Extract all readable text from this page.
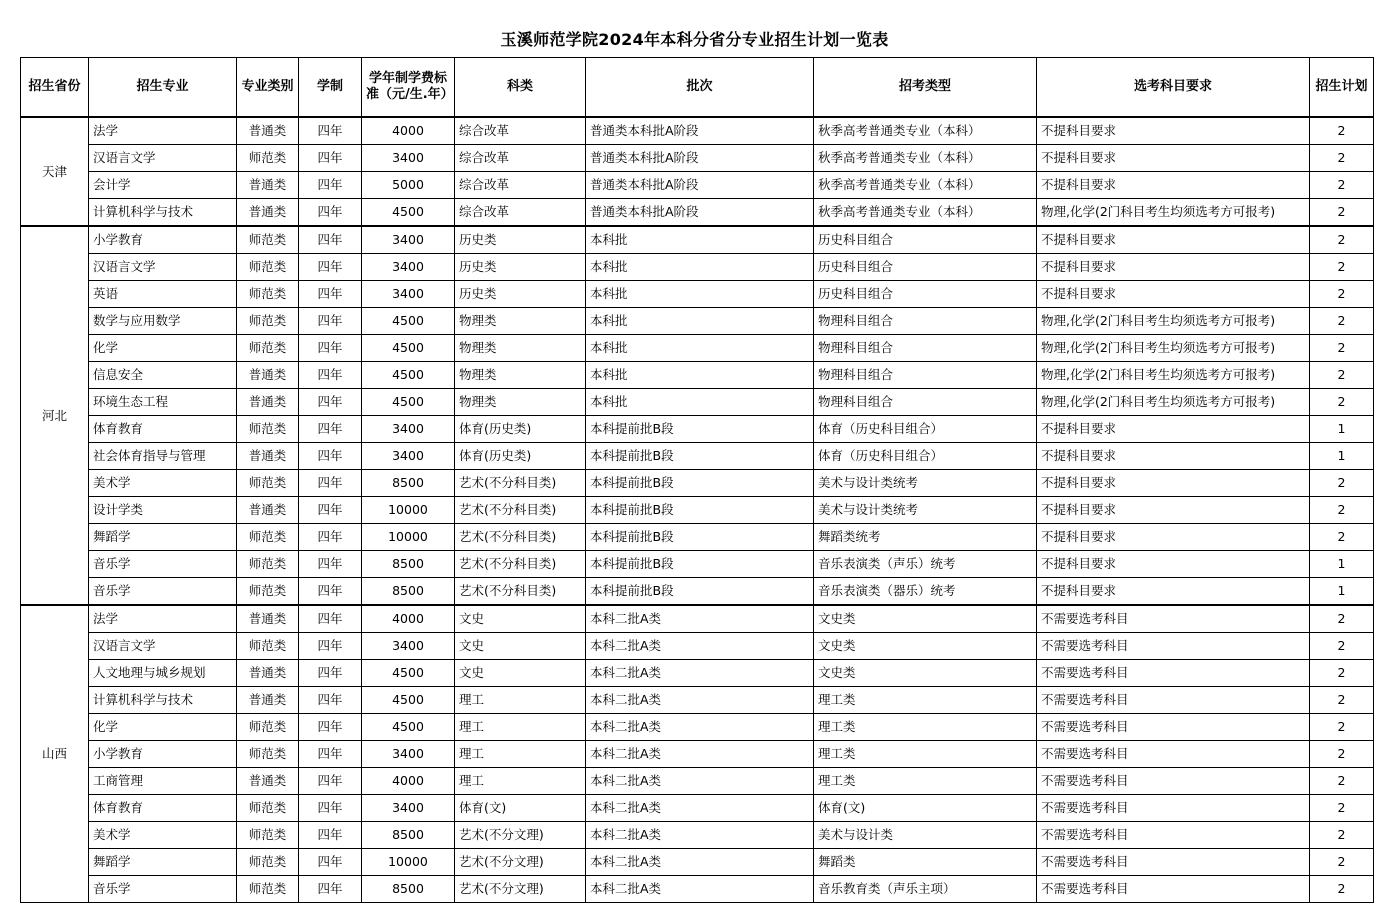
玉溪师范学院2024年本科分省分专业招生计划一览表
招生省份	招生专业	专业类别	学制	学年制学费标准（元/生.年）	科类	批次	招考类型	选考科目要求	招生计划
天津	法学	普通类	四年	4000	综合改革	普通类本科批A阶段	秋季高考普通类专业（本科）	不提科目要求	2
	汉语言文学	师范类	四年	3400	综合改革	普通类本科批A阶段	秋季高考普通类专业（本科）	不提科目要求	2
	会计学	普通类	四年	5000	综合改革	普通类本科批A阶段	秋季高考普通类专业（本科）	不提科目要求	2
	计算机科学与技术	普通类	四年	4500	综合改革	普通类本科批A阶段	秋季高考普通类专业（本科）	物理,化学(2门科目考生均须选考方可报考)	2
河北	小学教育	师范类	四年	3400	历史类	本科批	历史科目组合	不提科目要求	2
	汉语言文学	师范类	四年	3400	历史类	本科批	历史科目组合	不提科目要求	2
	英语	师范类	四年	3400	历史类	本科批	历史科目组合	不提科目要求	2
	数学与应用数学	师范类	四年	4500	物理类	本科批	物理科目组合	物理,化学(2门科目考生均须选考方可报考)	2
	化学	师范类	四年	4500	物理类	本科批	物理科目组合	物理,化学(2门科目考生均须选考方可报考)	2
	信息安全	普通类	四年	4500	物理类	本科批	物理科目组合	物理,化学(2门科目考生均须选考方可报考)	2
	环境生态工程	普通类	四年	4500	物理类	本科批	物理科目组合	物理,化学(2门科目考生均须选考方可报考)	2
	体育教育	师范类	四年	3400	体育(历史类)	本科提前批B段	体育（历史科目组合）	不提科目要求	1
	社会体育指导与管理	普通类	四年	3400	体育(历史类)	本科提前批B段	体育（历史科目组合）	不提科目要求	1
	美术学	师范类	四年	8500	艺术(不分科目类)	本科提前批B段	美术与设计类统考	不提科目要求	2
	设计学类	普通类	四年	10000	艺术(不分科目类)	本科提前批B段	美术与设计类统考	不提科目要求	2
	舞蹈学	师范类	四年	10000	艺术(不分科目类)	本科提前批B段	舞蹈类统考	不提科目要求	2
	音乐学	师范类	四年	8500	艺术(不分科目类)	本科提前批B段	音乐表演类（声乐）统考	不提科目要求	1
	音乐学	师范类	四年	8500	艺术(不分科目类)	本科提前批B段	音乐表演类（器乐）统考	不提科目要求	1
山西	法学	普通类	四年	4000	文史	本科二批A类	文史类	不需要选考科目	2
	汉语言文学	师范类	四年	3400	文史	本科二批A类	文史类	不需要选考科目	2
	人文地理与城乡规划	普通类	四年	4500	文史	本科二批A类	文史类	不需要选考科目	2
	计算机科学与技术	普通类	四年	4500	理工	本科二批A类	理工类	不需要选考科目	2
	化学	师范类	四年	4500	理工	本科二批A类	理工类	不需要选考科目	2
	小学教育	师范类	四年	3400	理工	本科二批A类	理工类	不需要选考科目	2
	工商管理	普通类	四年	4000	理工	本科二批A类	理工类	不需要选考科目	2
	体育教育	师范类	四年	3400	体育(文)	本科二批A类	体育(文)	不需要选考科目	2
	美术学	师范类	四年	8500	艺术(不分文理)	本科二批A类	美术与设计类	不需要选考科目	2
	舞蹈学	师范类	四年	10000	艺术(不分文理)	本科二批A类	舞蹈类	不需要选考科目	2
	音乐学	师范类	四年	8500	艺术(不分文理)	本科二批A类	音乐教育类（声乐主项）	不需要选考科目	2
